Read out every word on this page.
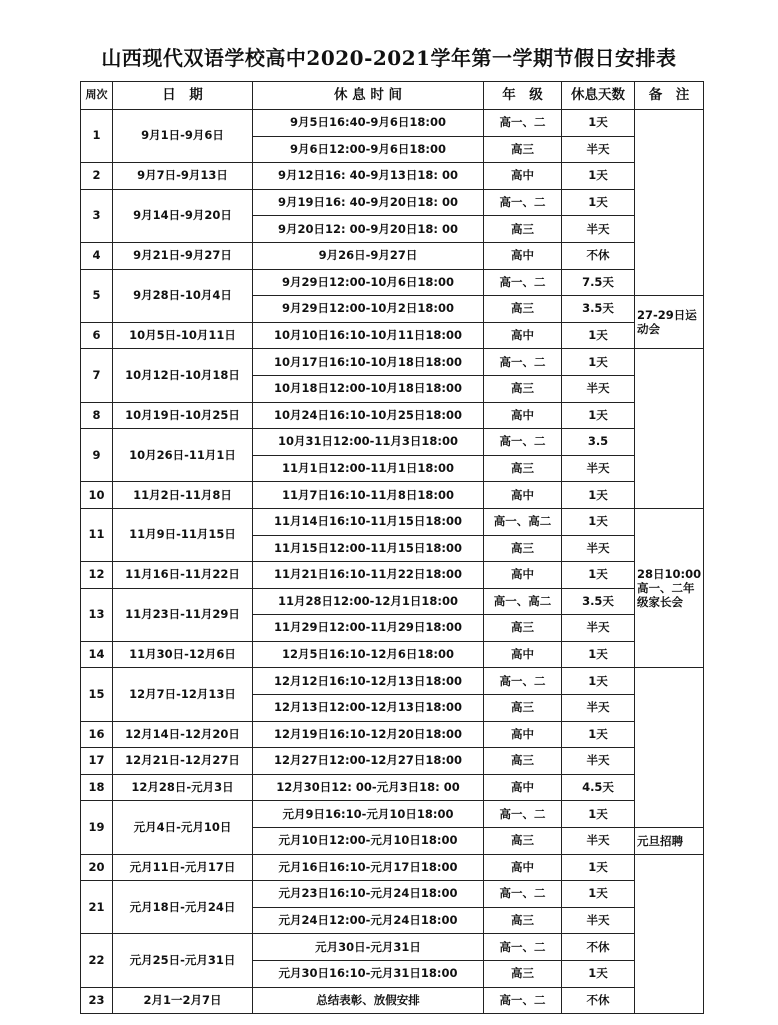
山西现代双语学校高中2020-2021学年第一学期节假日安排表
周次	日　期	休 息 时 间	年　级	休息天数	备　注
1	9月1日-9月6日	9月5日16:40-9月6日18:00	高一、二	1天	
		9月6日12:00-9月6日18:00	高三	半天	
2	9月7日-9月13日	9月12日16: 40-9月13日18: 00	高中	1天	
3	9月14日-9月20日	9月19日16: 40-9月20日18: 00	高一、二	1天	
		9月20日12: 00-9月20日18: 00	高三	半天	
4	9月21日-9月27日	9月26日-9月27日	高中	不休	
5	9月28日-10月4日	9月29日12:00-10月6日18:00	高一、二	7.5天	
		9月29日12:00-10月2日18:00	高三	3.5天	27-29日运动会
6	10月5日-10月11日	10月10日16:10-10月11日18:00	高中	1天	
7	10月12日-10月18日	10月17日16:10-10月18日18:00	高一、二	1天	
		10月18日12:00-10月18日18:00	高三	半天	
8	10月19日-10月25日	10月24日16:10-10月25日18:00	高中	1天	
9	10月26日-11月1日	10月31日12:00-11月3日18:00	高一、二	3.5	
		11月1日12:00-11月1日18:00	高三	半天	
10	11月2日-11月8日	11月7日16:10-11月8日18:00	高中	1天	
11	11月9日-11月15日	11月14日16:10-11月15日18:00	高一、高二	1天	28日10:00高一、二年级家长会
		11月15日12:00-11月15日18:00	高三	半天	
12	11月16日-11月22日	11月21日16:10-11月22日18:00	高中	1天	
13	11月23日-11月29日	11月28日12:00-12月1日18:00	高一、高二	3.5天	
		11月29日12:00-11月29日18:00	高三	半天	
14	11月30日-12月6日	12月5日16:10-12月6日18:00	高中	1天	
15	12月7日-12月13日	12月12日16:10-12月13日18:00	高一、二	1天	
		12月13日12:00-12月13日18:00	高三	半天	
16	12月14日-12月20日	12月19日16:10-12月20日18:00	高中	1天	
17	12月21日-12月27日	12月27日12:00-12月27日18:00	高三	半天	
18	12月28日-元月3日	12月30日12: 00-元月3日18: 00	高中	4.5天	
19	元月4日-元月10日	元月9日16:10-元月10日18:00	高一、二	1天	
		元月10日12:00-元月10日18:00	高三	半天	元旦招聘
20	元月11日-元月17日	元月16日16:10-元月17日18:00	高中	1天	
21	元月18日-元月24日	元月23日16:10-元月24日18:00	高一、二	1天	
		元月24日12:00-元月24日18:00	高三	半天	
22	元月25日-元月31日	元月30日-元月31日	高一、二	不休	
		元月30日16:10-元月31日18:00	高三	1天	
23	2月1一2月7日	总结表彰、放假安排	高一、二	不休	
